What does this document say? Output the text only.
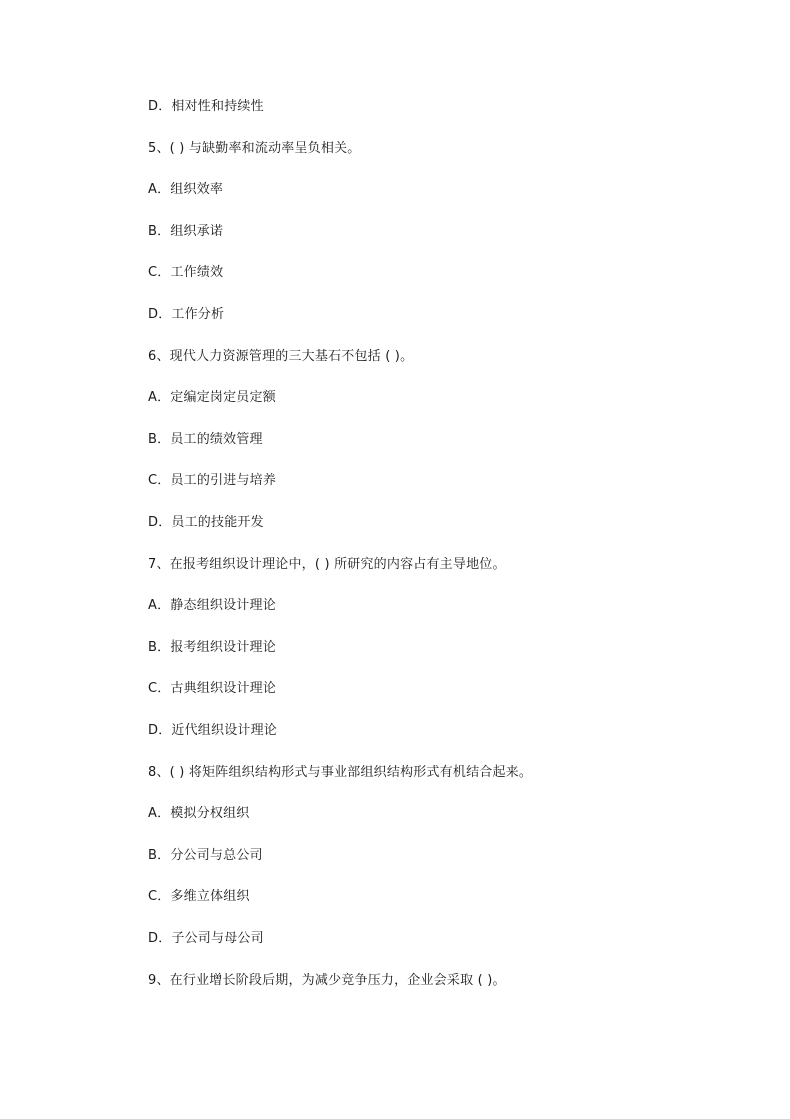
D．相对性和持续性
5、( ) 与缺勤率和流动率呈负相关。
A．组织效率
B．组织承诺
C．工作绩效
D．工作分析
6、现代人力资源管理的三大基石不包括 ( )。
A．定编定岗定员定额
B．员工的绩效管理
C．员工的引进与培养
D．员工的技能开发
7、在报考组织设计理论中，( ) 所研究的内容占有主导地位。
A．静态组织设计理论
B．报考组织设计理论
C．古典组织设计理论
D．近代组织设计理论
8、( ) 将矩阵组织结构形式与事业部组织结构形式有机结合起来。
A．模拟分权组织
B．分公司与总公司
C．多维立体组织
D．子公司与母公司
9、在行业增长阶段后期，为减少竞争压力，企业会采取 ( )。
